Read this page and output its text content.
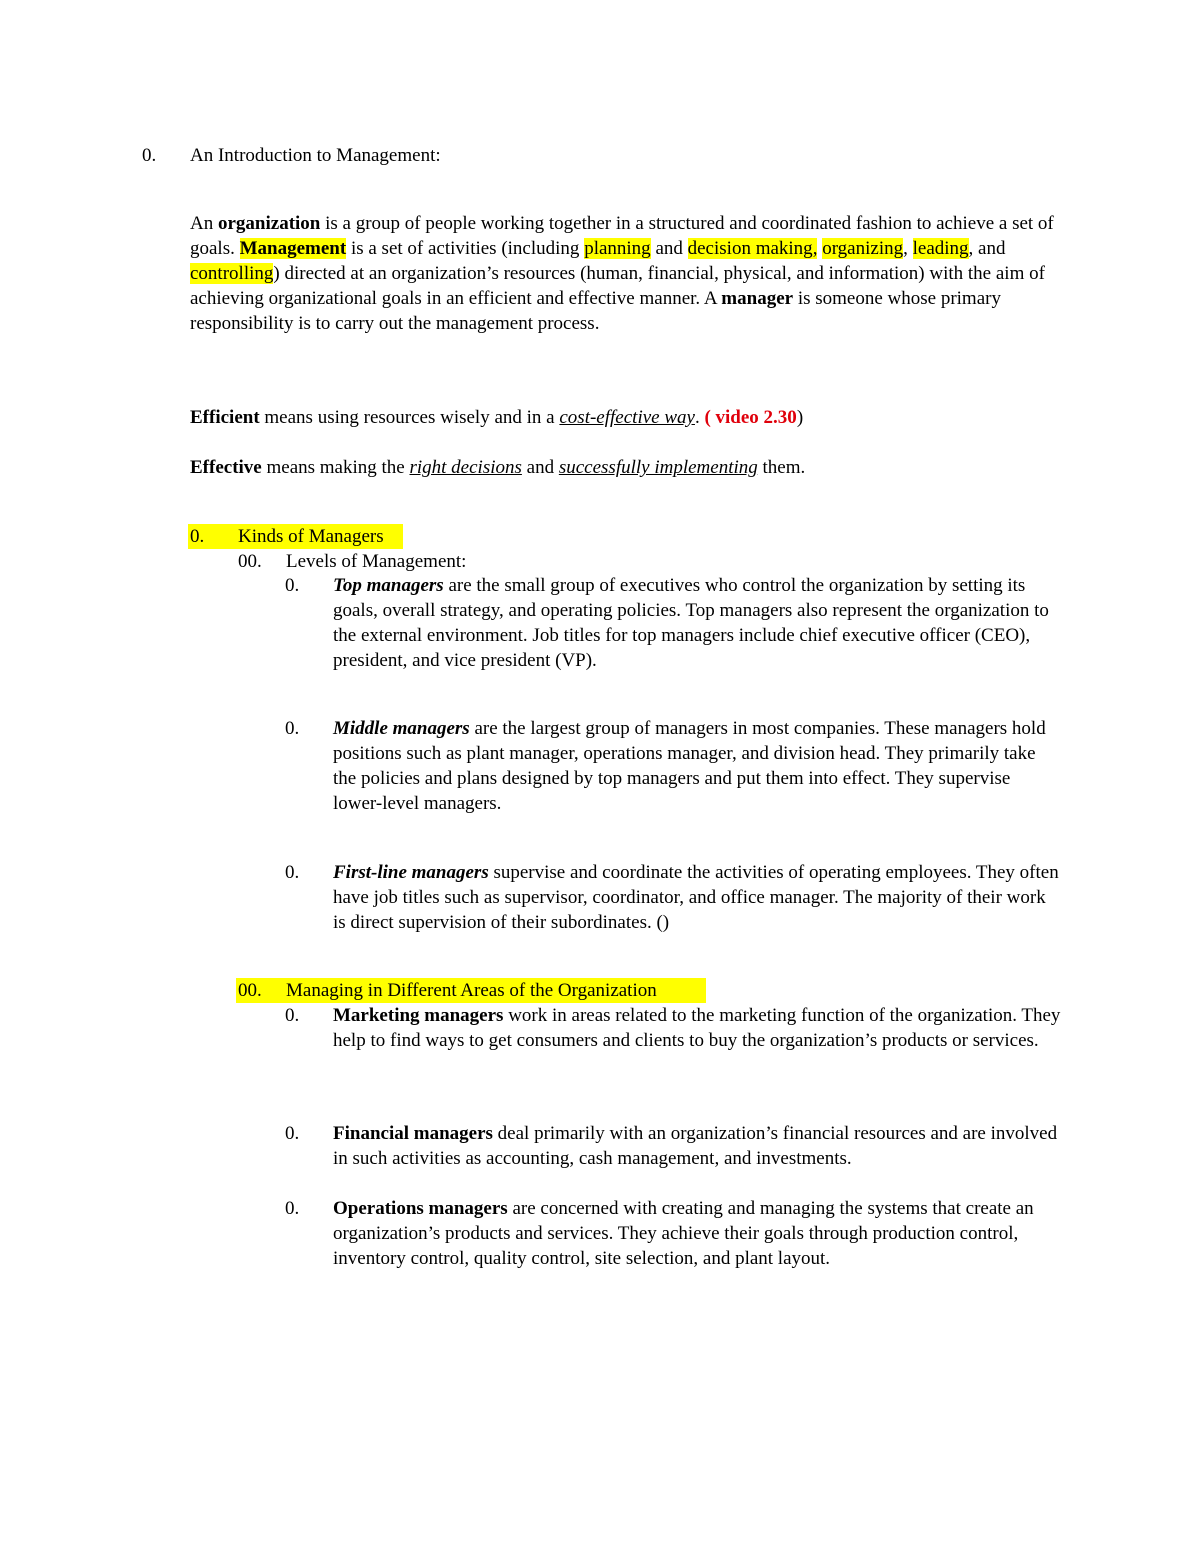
0. An Introduction to Management:
An organization is a group of people working together in a structured and coordinated fashion to achieve a set of goals. Management is a set of activities (including planning and decision making, organizing, leading, and controlling) directed at an organization’s resources (human, financial, physical, and information) with the aim of achieving organizational goals in an efficient and effective manner. A manager is someone whose primary responsibility is to carry out the management process.
Efficient means using resources wisely and in a cost-effective way. ( video 2.30)
Effective means making the right decisions and successfully implementing them.
0. Kinds of Managers

00. Levels of Management:
0. Top managers are the small group of executives who control the organization by setting its goals, overall strategy, and operating policies. Top managers also represent the organization to the external environment. Job titles for top managers include chief executive officer (CEO), president, and vice president (VP).
0. Middle managers are the largest group of managers in most companies. These managers hold positions such as plant manager, operations manager, and division head. They primarily take the policies and plans designed by top managers and put them into effect. They supervise lower-level managers.
0. First-line managers supervise and coordinate the activities of operating employees. They often have job titles such as supervisor, coordinator, and office manager. The majority of their work is direct supervision of their subordinates. ()
00. Managing in Different Areas of the Organization

0. Marketing managers work in areas related to the marketing function of the organization. They help to find ways to get consumers and clients to buy the organization’s products or services.
0. Financial managers deal primarily with an organization’s financial resources and are involved in such activities as accounting, cash management, and investments.
0. Operations managers are concerned with creating and managing the systems that create an organization’s products and services. They achieve their goals through production control, inventory control, quality control, site selection, and plant layout.
